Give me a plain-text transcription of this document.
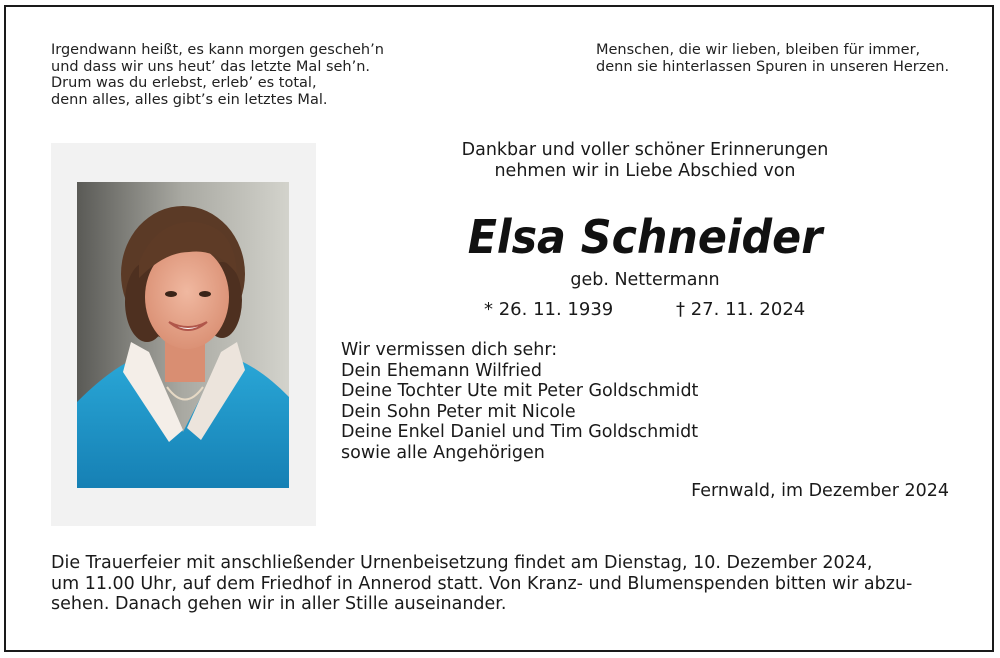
Irgendwann heißt, es kann morgen gescheh’n
und dass wir uns heut’ das letzte Mal seh’n.
Drum was du erlebst, erleb’ es total,
denn alles, alles gibt’s ein letztes Mal.
Menschen, die wir lieben, bleiben für immer,
denn sie hinterlassen Spuren in unseren Herzen.
Dankbar und voller schöner Erinnerungen
nehmen wir in Liebe Abschied von
Elsa Schneider
geb. Nettermann
* 26. 11. 1939	† 27. 11. 2024
Wir vermissen dich sehr:
Dein Ehemann Wilfried
Deine Tochter Ute mit Peter Goldschmidt
Dein Sohn Peter mit Nicole
Deine Enkel Daniel und Tim Goldschmidt
sowie alle Angehörigen
Fernwald, im Dezember 2024
Die Trauerfeier mit anschließender Urnenbeisetzung findet am Dienstag, 10. Dezember 2024,
um 11.00 Uhr, auf dem Friedhof in Annerod statt. Von Kranz- und Blumenspenden bitten wir abzu-
sehen. Danach gehen wir in aller Stille auseinander.
